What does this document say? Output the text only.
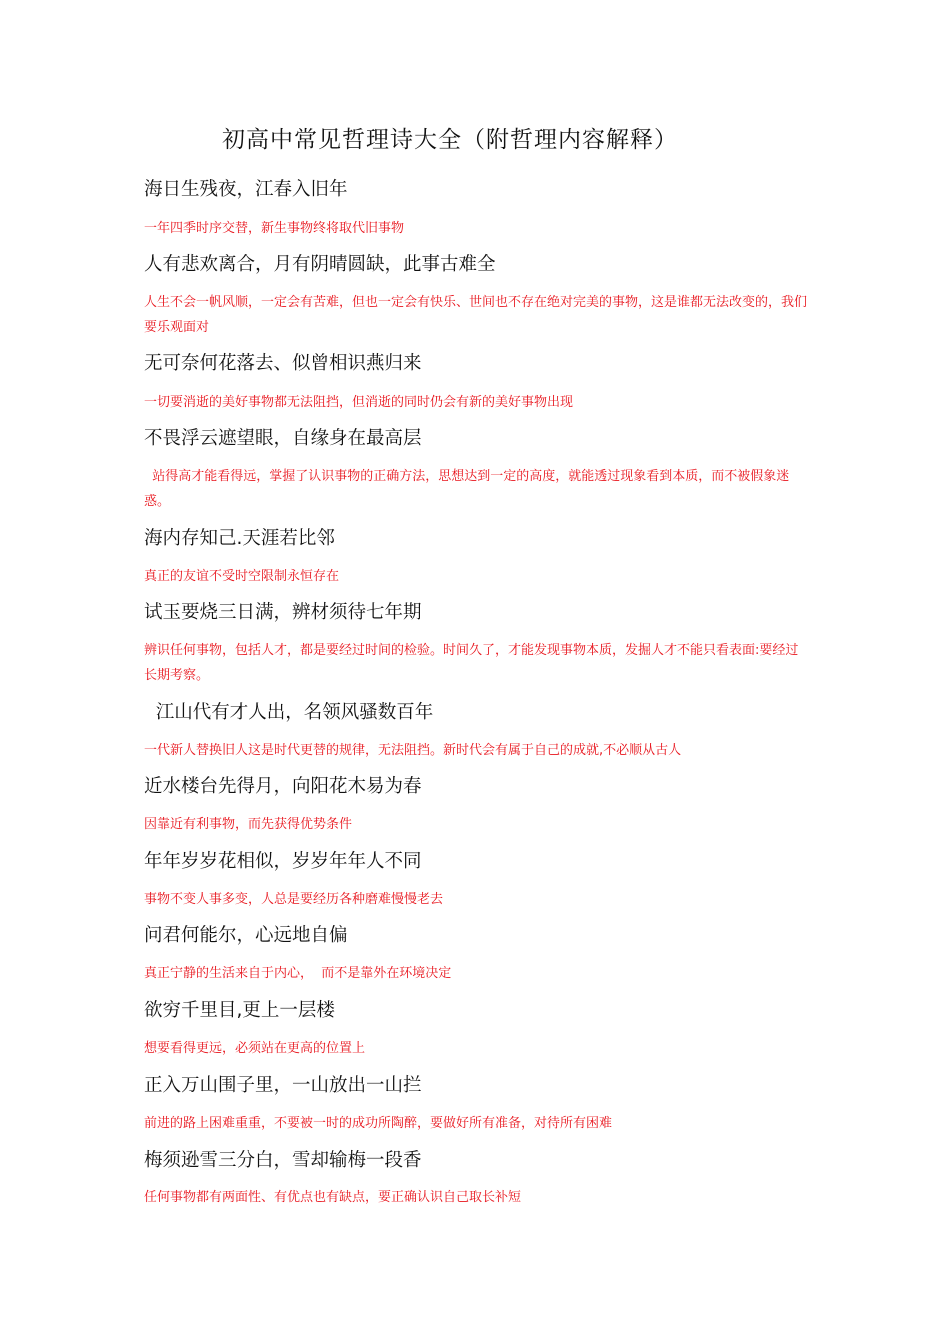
初高中常见哲理诗大全（附哲理内容解释）
海日生残夜，江春入旧年
一年四季时序交替，新生事物终将取代旧事物
人有悲欢离合，月有阴晴圆缺，此事古难全
人生不会一帆风顺，一定会有苦难，但也一定会有快乐、世间也不存在绝对完美的事物，这是谁都无法改变的，我们要乐观面对
无可奈何花落去、似曾相识燕归来
一切要消逝的美好事物都无法阻挡，但消逝的同时仍会有新的美好事物出现
不畏浮云遮望眼，自缘身在最高层
站得高才能看得远，掌握了认识事物的正确方法，思想达到一定的高度，就能透过现象看到本质，而不被假象迷惑。
海内存知己.天涯若比邻
真正的友谊不受时空限制永恒存在
试玉要烧三日满，辨材须待七年期
辨识任何事物，包括人才，都是要经过时间的检验。时间久了，才能发现事物本质，发掘人才不能只看表面:要经过长期考察。
江山代有才人出，名领风骚数百年
一代新人替换旧人这是时代更替的规律，无法阻挡。新时代会有属于自己的成就,不必顺从古人
近水楼台先得月，向阳花木易为春
因靠近有利事物，而先获得优势条件
年年岁岁花相似，岁岁年年人不同
事物不变人事多变，人总是要经历各种磨难慢慢老去
问君何能尔，心远地自偏
真正宁静的生活来自于内心，  而不是靠外在环境决定
欲穷千里目,更上一层楼
想要看得更远，必须站在更高的位置上
正入万山围子里，一山放出一山拦
前进的路上困难重重，不要被一时的成功所陶醉，要做好所有准备，对待所有困难
梅须逊雪三分白，雪却输梅一段香
任何事物都有两面性、有优点也有缺点，要正确认识自己取长补短
